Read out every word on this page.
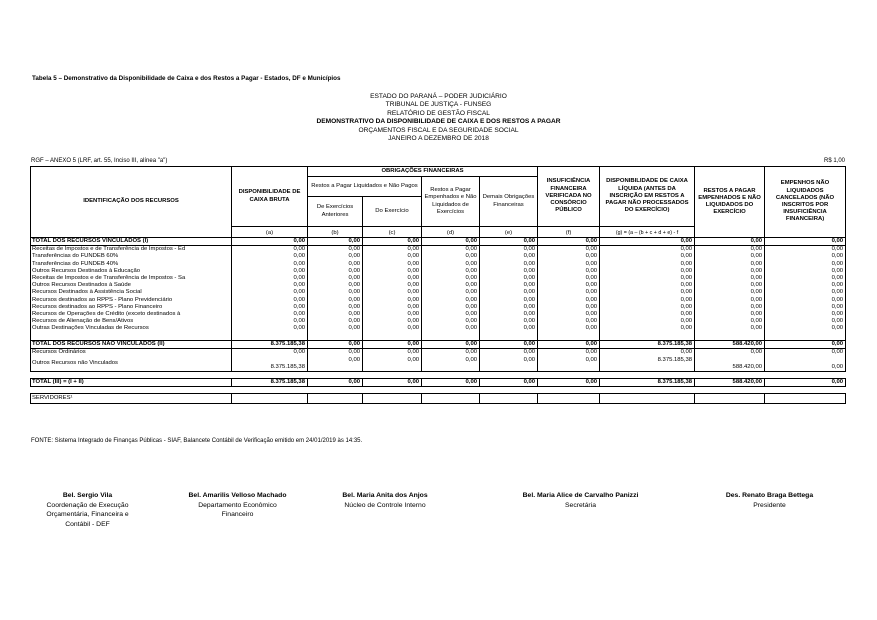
Tabela 5 – Demonstrativo da Disponibilidade de Caixa e dos Restos a Pagar - Estados, DF e Municípios
ESTADO DO PARANÁ – PODER JUDICIÁRIO
TRIBUNAL DE JUSTIÇA - FUNSEG
RELATÓRIO DE GESTÃO FISCAL
DEMONSTRATIVO DA DISPONIBILIDADE DE CAIXA E DOS RESTOS A PAGAR
ORÇAMENTOS FISCAL E DA SEGURIDADE SOCIAL
JANEIRO A DEZEMBRO DE 2018
RGF – ANEXO 5 (LRF, art. 55, Inciso III, alínea "a")	R$ 1,00
IDENTIFICAÇÃO DOS RECURSOS	DISPONIBILIDADE DE CAIXA BRUTA	OBRIGAÇÕES FINANCEIRAS				INSUFICIÊNCIA FINANCEIRA VERIFICADA NO CONSÓRCIO PÚBLICO	DISPONIBILIDADE DE CAIXA LÍQUIDA (ANTES DA INSCRIÇÃO EM RESTOS A PAGAR NÃO PROCESSADOS DO EXERCÍCIO)	RESTOS A PAGAR EMPENHADOS E NÃO LIQUIDADOS DO EXERCÍCIO	EMPENHOS NÃO LIQUIDADOS CANCELADOS (NÃO INSCRITOS POR INSUFICIÊNCIA FINANCEIRA)
		Restos a Pagar Liquidados e Não Pagos		Restos a Pagar Empenhados e Não Liquidados de Exercícios	Demais Obrigações Financeiras				
		De Exercícios Anteriores	Do Exercício						
	(a)	(b)	(c)	(d)	(e)	(f)	(g) = (a – (b + c + d + e) - f		
TOTAL DOS RECURSOS VINCULADOS (I)	0,00	0,00	0,00	0,00	0,00	0,00	0,00	0,00	0,00
Receitas de Impostos e de Transferência de Impostos - Ed	0,00	0,00	0,00	0,00	0,00	0,00	0,00	0,00	0,00
Transferências do FUNDEB 60%	0,00	0,00	0,00	0,00	0,00	0,00	0,00	0,00	0,00
Transferências do FUNDEB 40%	0,00	0,00	0,00	0,00	0,00	0,00	0,00	0,00	0,00
Outros Recursos Destinados à Educação	0,00	0,00	0,00	0,00	0,00	0,00	0,00	0,00	0,00
Receitas de Impostos e de Transferência de Impostos - Sa	0,00	0,00	0,00	0,00	0,00	0,00	0,00	0,00	0,00
Outros Recursos Destinados à Saúde	0,00	0,00	0,00	0,00	0,00	0,00	0,00	0,00	0,00
Recursos Destinados à Assistência Social	0,00	0,00	0,00	0,00	0,00	0,00	0,00	0,00	0,00
Recursos destinados ao RPPS - Plano Previdenciário	0,00	0,00	0,00	0,00	0,00	0,00	0,00	0,00	0,00
Recursos destinados ao RPPS - Plano Financeiro	0,00	0,00	0,00	0,00	0,00	0,00	0,00	0,00	0,00
Recursos de Operações de Crédito (exceto destinados à	0,00	0,00	0,00	0,00	0,00	0,00	0,00	0,00	0,00
Recursos de Alienação de Bens/Ativos	0,00	0,00	0,00	0,00	0,00	0,00	0,00	0,00	0,00
Outras Destinações Vinculadas de Recursos	0,00	0,00	0,00	0,00	0,00	0,00	0,00	0,00	0,00

TOTAL DOS RECURSOS NÃO VINCULADOS (II)	8.375.185,38	0,00	0,00	0,00	0,00	0,00	8.375.185,38	588.420,00	0,00
Recursos Ordinários	0,00	0,00	0,00	0,00	0,00	0,00	0,00	0,00	0,00
Outros Recursos não Vinculados	8.375.185,38	0,00	0,00	0,00	0,00	0,00	8.375.185,38	588.420,00	0,00

TOTAL (III) = (I + II)	8.375.185,38	0,00	0,00	0,00	0,00	0,00	8.375.185,38	588.420,00	0,00

SERVIDORES¹									
FONTE: Sistema Integrado de Finanças Públicas - SIAF, Balancete Contábil de Verificação emitido em 24/01/2019 às 14:35.
Bel. Sergio Vila
Coordenação de Execução
Orçamentária, Financeira e
Contábil - DEF
Bel. Amarilis Velloso Machado
Departamento Econômico
Financeiro
Bel. Maria Anita dos Anjos
Núcleo de Controle Interno
Bel. Maria Alice de Carvalho Panizzi
Secretária
Des. Renato Braga Bettega
Presidente
